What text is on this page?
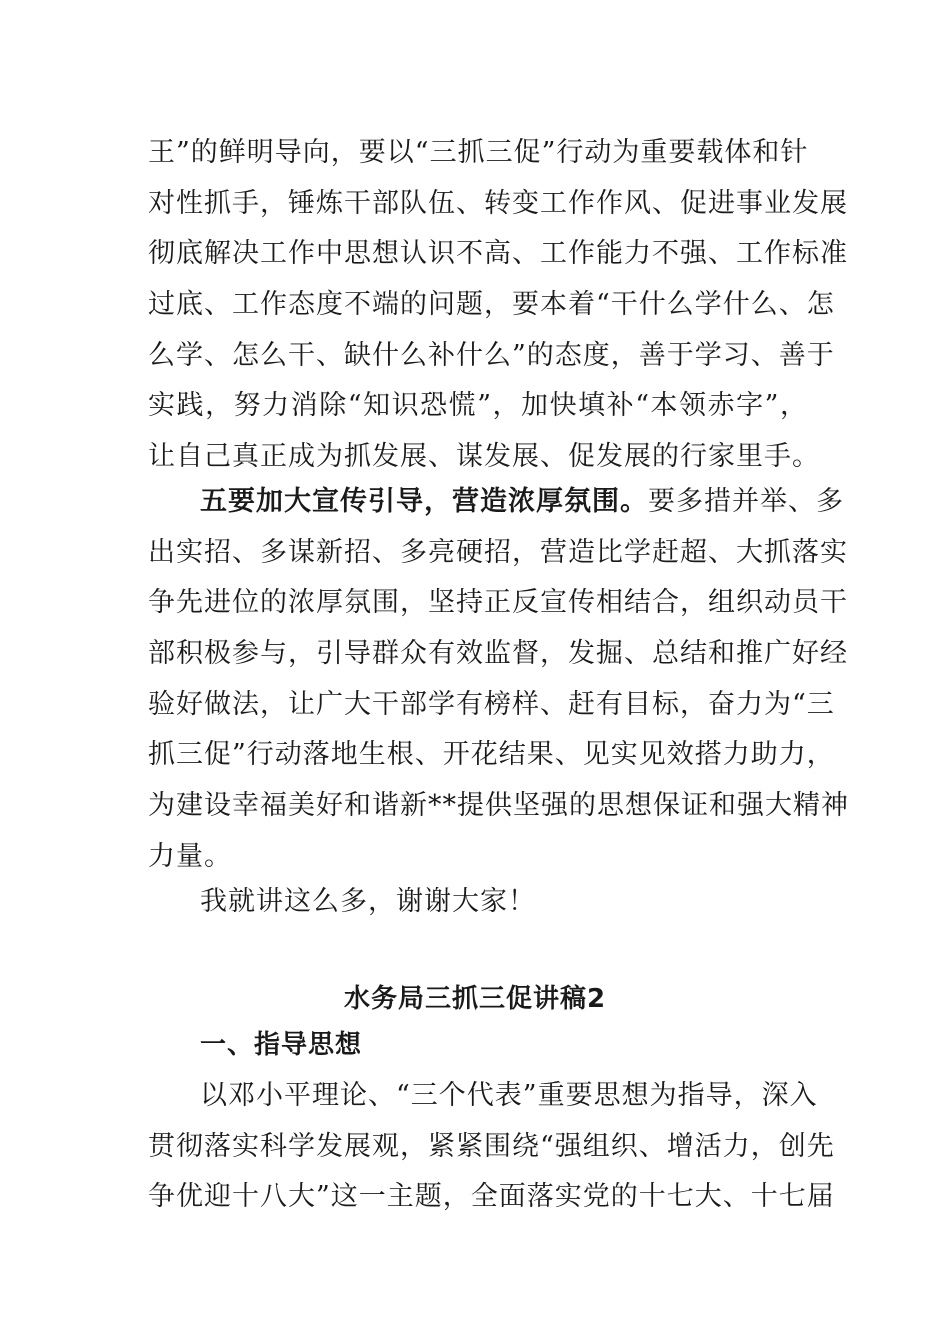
王”的鲜明导向，要以“三抓三促”行动为重要载体和针
对性抓手，锤炼干部队伍、转变工作作风、促进事业发展
彻底解决工作中思想认识不高、工作能力不强、工作标准
过底、工作态度不端的问题，要本着“干什么学什么、怎
么学、怎么干、缺什么补什么”的态度，善于学习、善于
实践，努力消除“知识恐慌”，加快填补“本领赤字”，
让自己真正成为抓发展、谋发展、促发展的行家里手。
五要加大宣传引导，营造浓厚氛围。要多措并举、多
出实招、多谋新招、多亮硬招，营造比学赶超、大抓落实
争先进位的浓厚氛围，坚持正反宣传相结合，组织动员干
部积极参与，引导群众有效监督，发掘、总结和推广好经
验好做法，让广大干部学有榜样、赶有目标，奋力为“三
抓三促”行动落地生根、开花结果、见实见效搭力助力，
为建设幸福美好和谐新**提供坚强的思想保证和强大精神
力量。
我就讲这么多，谢谢大家！
水务局三抓三促讲稿2
一、指导思想
以邓小平理论、“三个代表”重要思想为指导，深入
贯彻落实科学发展观，紧紧围绕“强组织、增活力，创先
争优迎十八大”这一主题，全面落实党的十七大、十七届
